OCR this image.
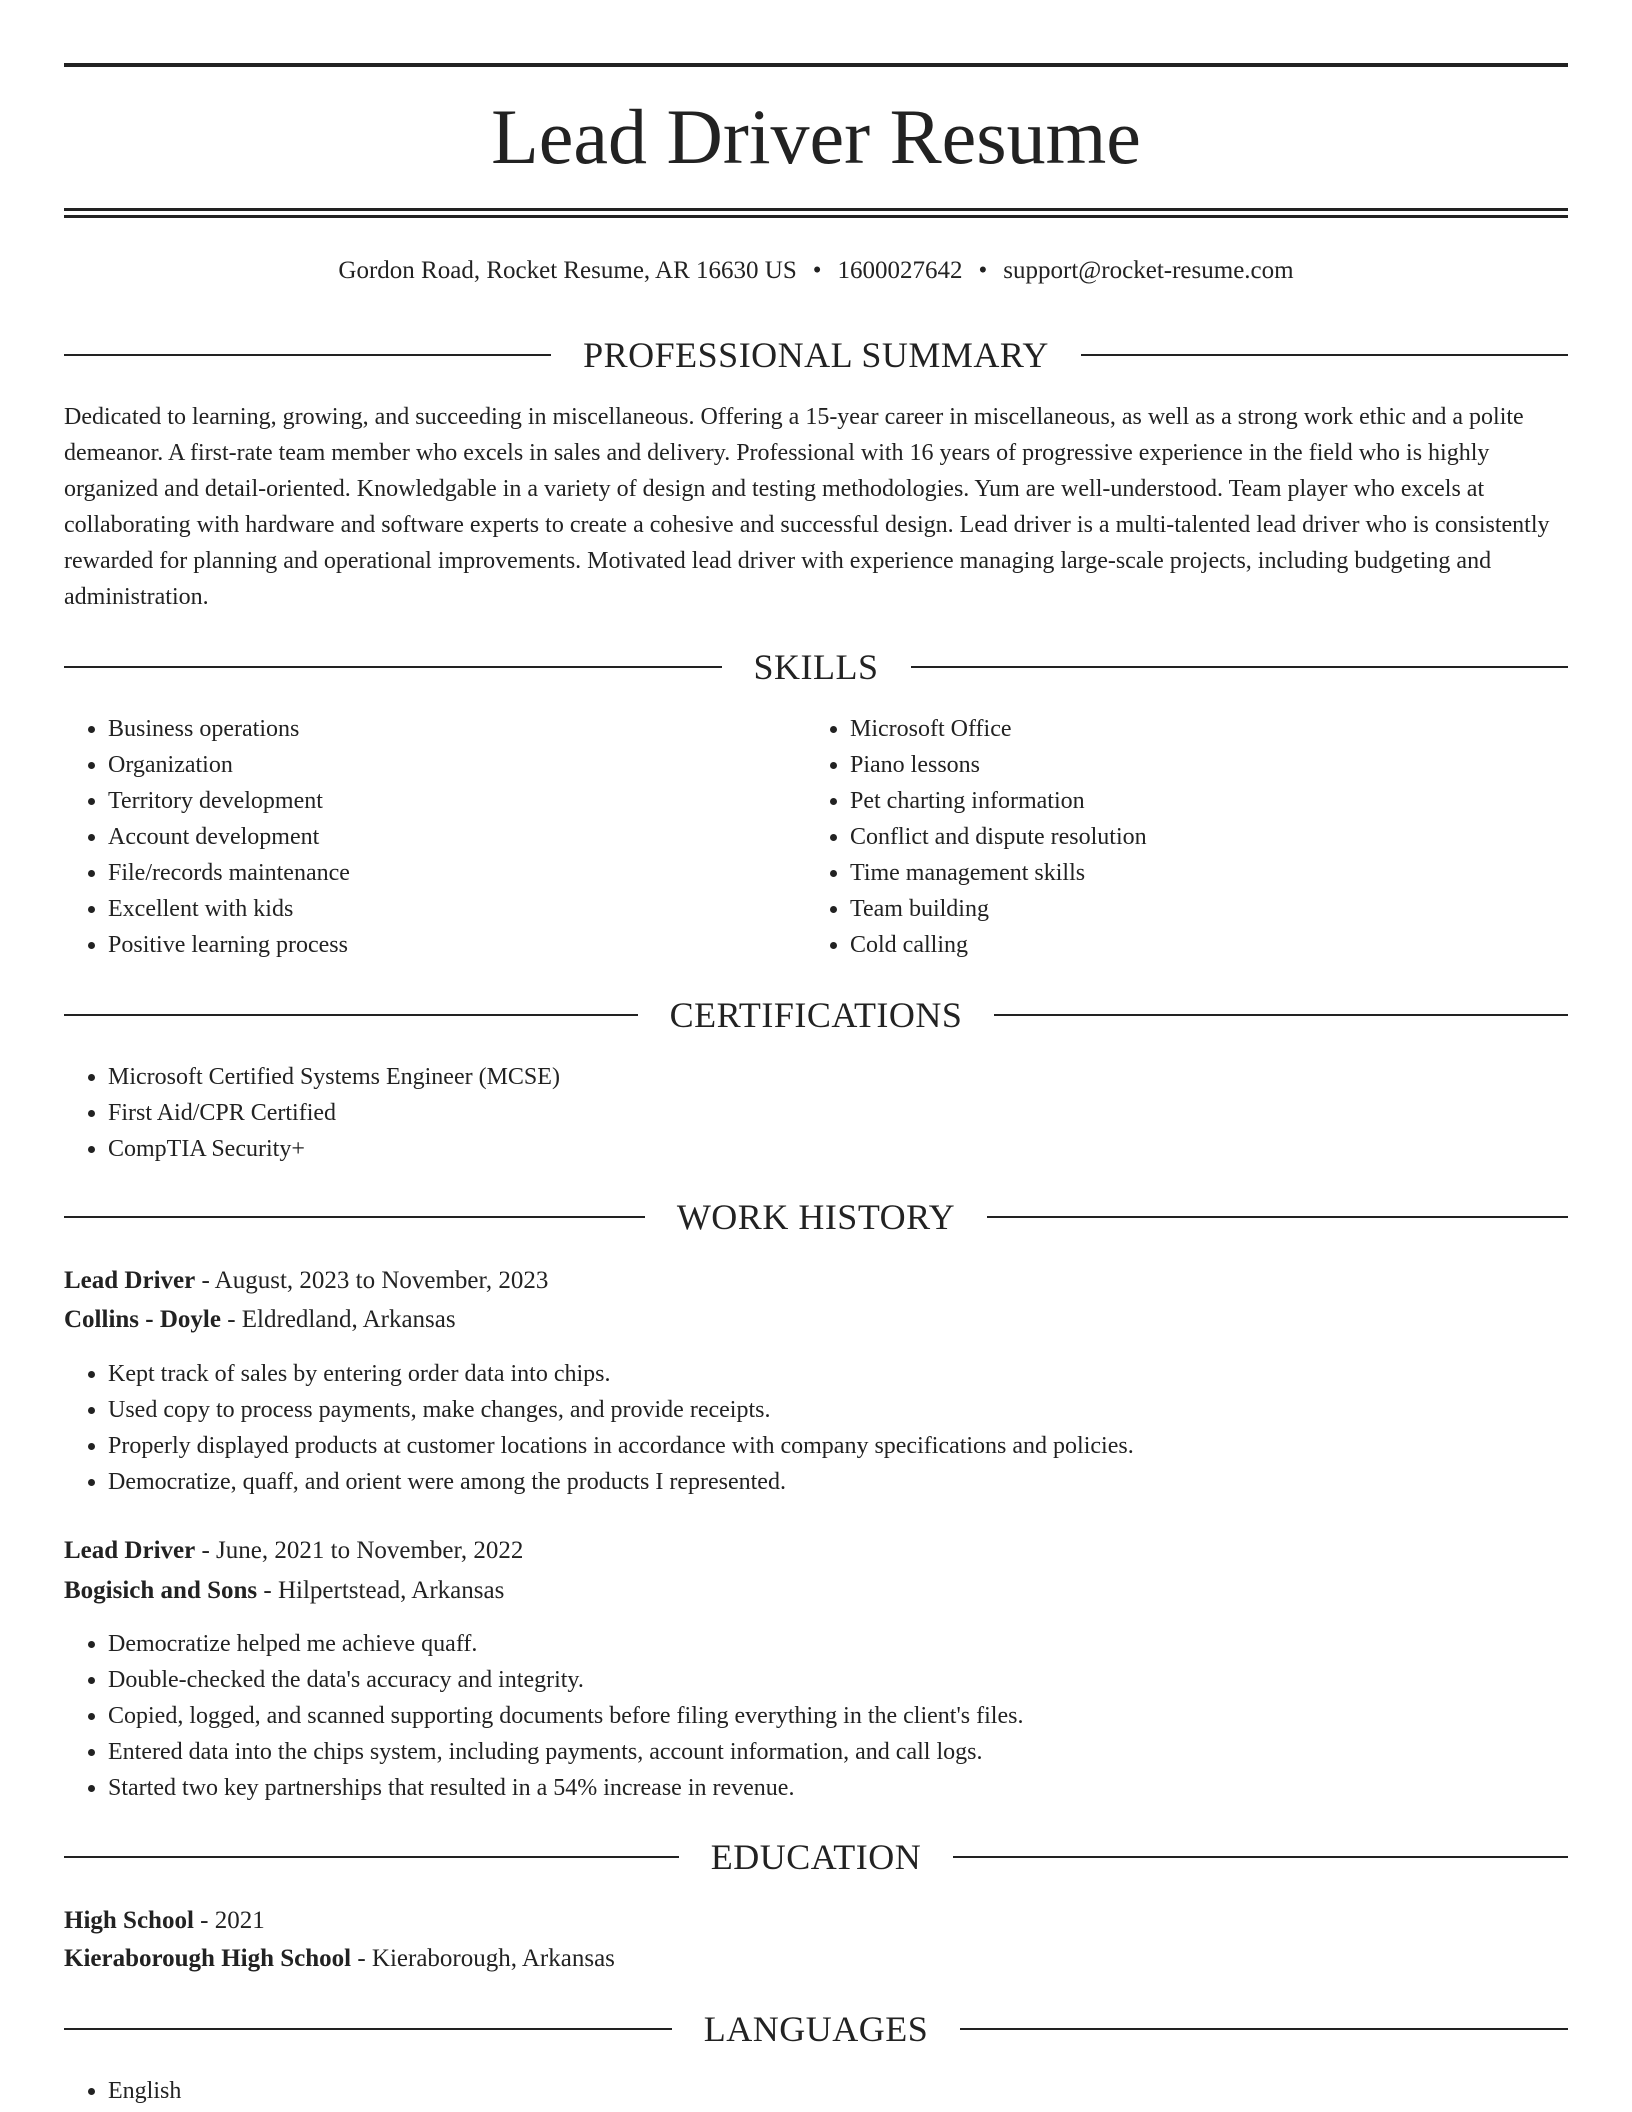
Lead Driver Resume
Gordon Road, Rocket Resume, AR 16630 US • 1600027642 • support@rocket-resume.com
PROFESSIONAL SUMMARY

Dedicated to learning, growing, and succeeding in miscellaneous. Offering a 15-year career in miscellaneous, as well as a strong work ethic and a polite demeanor. A first-rate team member who excels in sales and delivery. Professional with 16 years of progressive experience in the field who is highly organized and detail-oriented. Knowledgable in a variety of design and testing methodologies. Yum are well-understood. Team player who excels at collaborating with hardware and software experts to create a cohesive and successful design. Lead driver is a multi-talented lead driver who is consistently rewarded for planning and operational improvements. Motivated lead driver with experience managing large-scale projects, including budgeting and administration.

SKILLS
• Business operations
• Organization
• Territory development
• Account development
• File/records maintenance
• Excellent with kids
• Positive learning process
• Microsoft Office
• Piano lessons
• Pet charting information
• Conflict and dispute resolution
• Time management skills
• Team building
• Cold calling
CERTIFICATIONS
• Microsoft Certified Systems Engineer (MCSE)
• First Aid/CPR Certified
• CompTIA Security+
WORK HISTORY
Lead Driver - August, 2023 to November, 2023
Collins - Doyle - Eldredland, Arkansas
• Kept track of sales by entering order data into chips.
• Used copy to process payments, make changes, and provide receipts.
• Properly displayed products at customer locations in accordance with company specifications and policies.
• Democratize, quaff, and orient were among the products I represented.
Lead Driver - June, 2021 to November, 2022
Bogisich and Sons - Hilpertstead, Arkansas
• Democratize helped me achieve quaff.
• Double-checked the data's accuracy and integrity.
• Copied, logged, and scanned supporting documents before filing everything in the client's files.
• Entered data into the chips system, including payments, account information, and call logs.
• Started two key partnerships that resulted in a 54% increase in revenue.
EDUCATION
High School - 2021
Kieraborough High School - Kieraborough, Arkansas
LANGUAGES
• English
